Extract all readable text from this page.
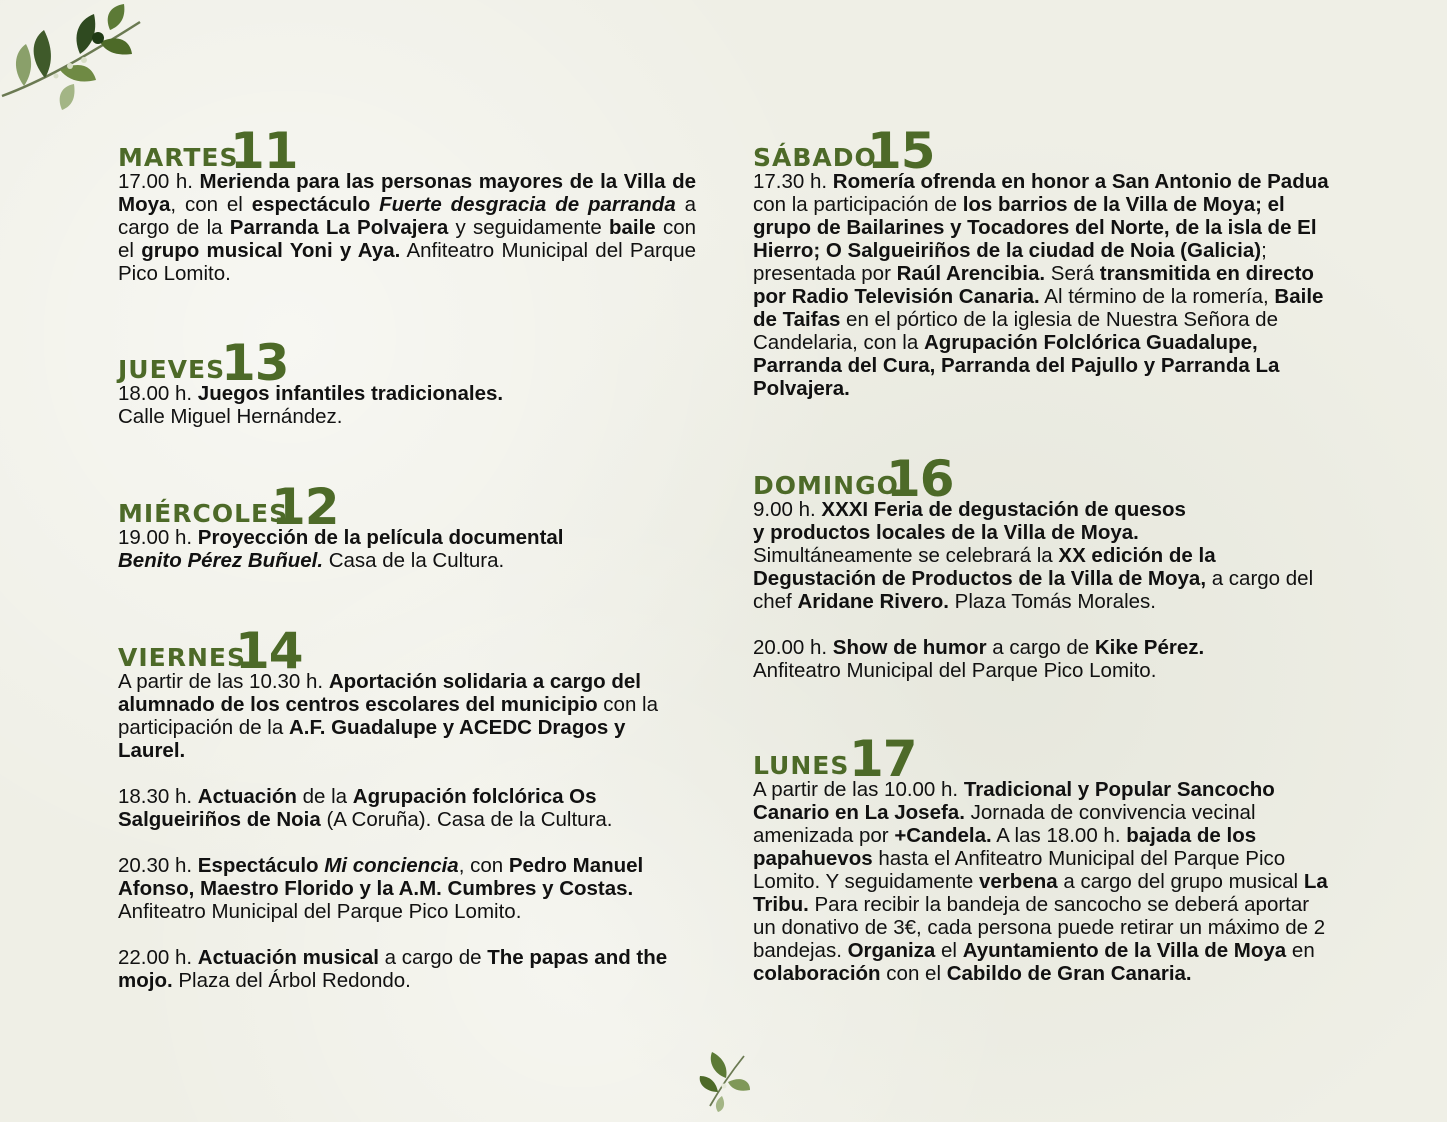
MARTES
11

17.00 h. Merienda para las personas mayores de la Villa de Moya, con el espectáculo Fuerte desgracia de parranda a cargo de la Parranda La Polvajera y seguidamente baile con el grupo musical Yoni y Aya. Anfiteatro Municipal del Parque Pico Lomito.

JUEVES
13

18.00 h. Juegos infantiles tradicionales.
Calle Miguel Hernández.

MIÉRCOLES
12

19.00 h. Proyección de la película documental
Benito Pérez Buñuel. Casa de la Cultura.

VIERNES
14

A partir de las 10.30 h. Aportación solidaria a cargo del alumnado de los centros escolares del municipio con la participación de la A.F. Guadalupe y ACEDC Dragos y Laurel.

18.30 h. Actuación de la Agrupación folclórica Os Salgueiriños de Noia (A Coruña). Casa de la Cultura.

20.30 h. Espectáculo Mi conciencia, con Pedro Manuel Afonso, Maestro Florido y la A.M. Cumbres y Costas. Anfiteatro Municipal del Parque Pico Lomito.

22.00 h. Actuación musical a cargo de The papas and the mojo. Plaza del Árbol Redondo.

SÁBADO
15

17.30 h. Romería ofrenda en honor a San Antonio de Padua con la participación de los barrios de la Villa de Moya; el grupo de Bailarines y Tocadores del Norte, de la isla de El Hierro; O Salgueiriños de la ciudad de Noia (Galicia); presentada por Raúl Arencibia. Será transmitida en directo por Radio Televisión Canaria. Al término de la romería, Baile de Taifas en el pórtico de la iglesia de Nuestra Señora de Candelaria, con la Agrupación Folclórica Guadalupe, Parranda del Cura, Parranda del Pajullo y Parranda La Polvajera.

DOMINGO
16

9.00 h. XXXI Feria de degustación de quesos
y productos locales de la Villa de Moya.
Simultáneamente se celebrará la XX edición de la Degustación de Productos de la Villa de Moya, a cargo del chef Aridane Rivero. Plaza Tomás Morales.

20.00 h. Show de humor a cargo de Kike Pérez.
Anfiteatro Municipal del Parque Pico Lomito.

LUNES 17

A partir de las 10.00 h. Tradicional y Popular Sancocho Canario en La Josefa. Jornada de convivencia vecinal amenizada por +Candela. A las 18.00 h. bajada de los papahuevos hasta el Anfiteatro Municipal del Parque Pico Lomito. Y seguidamente verbena a cargo del grupo musical La Tribu. Para recibir la bandeja de sancocho se deberá aportar un donativo de 3€, cada persona puede retirar un máximo de 2 bandejas. Organiza el Ayuntamiento de la Villa de Moya en colaboración con el Cabildo de Gran Canaria.
